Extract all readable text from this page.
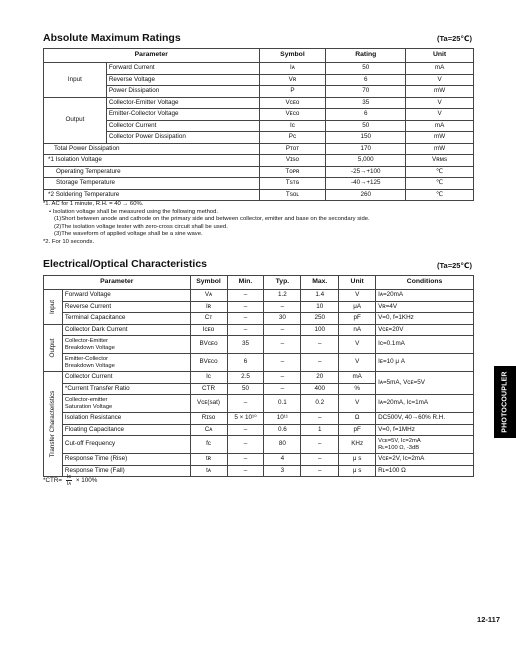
Absolute Maximum Ratings	(Ta=25℃)
Parameter		Symbol	Rating	Unit
Input	Forward Current	Iᴀ	50	mA
	Reverse Voltage	Vʀ	6	V
	Power Dissipation	P	70	mW
Output	Collector-Emitter Voltage	Vᴄᴇᴏ	35	V
	Emitter-Collector Voltage	Vᴇᴄᴏ	6	V
	Collector Current	Iᴄ	50	mA
	Collector Power Dissipation	Pᴄ	150	mW
Total Power Dissipation		Pᴛᴏᴛ	170	mW
*1 Isolation Voltage		Vɪѕᴏ	5,000	Vʀᴍѕ
Operating Temperature		Tᴏᴘʀ	-25→+100	℃
Storage Temperature		Tѕᴛɢ	-40→+125	℃
*2 Soldering Temperature		Tѕᴏʟ	260	℃
*1. AC for 1 minute, R.H. = 40 → 60%.
• Isolation voltage shall be measured using the following method.
(1)Short between anode and cathode on the primary side and between collector, emitter and base on the secondary side.
(2)The isolation voltage tester with zero-cross circuit shall be used.
(3)The waveform of applied voltage shall be a sine wave.
*2. For 10 seconds.
Electrical/Optical Characteristics	(Ta=25℃)
Parameter		Symbol	Min.	Typ.	Max.	Unit	Conditions

Input	Forward Voltage	Vᴀ	–	1.2	1.4	V	Iᴀ=20mA
	Reverse Current	Iʀ	–	–	10	μA	Vʀ=4V
	Terminal Capacitance	Cᴛ	–	30	250	pF	V=0, f=1KHz

Output	Collector Dark Current	Iᴄᴇᴏ	–	–	100	nA	Vᴄᴇ=20V

	Collector-Emitter
Breakdown Voltage	BVᴄᴇᴏ	35	–	–	V	Iᴄ=0.1mA

	Emitter-Collector
Breakdown Voltage	BVᴇᴄᴏ	6	–	–	V	Iᴇ=10 μ A

Transfer Characteristics	Collector Current	Iᴄ	2.5	–	20	mA	Iᴀ=5mA, Vᴄᴇ=5V
	*Current Transfer Ratio	CTR	50	–	400	%	

	Collector-emitter
Saturation Voltage	Vᴄᴇ(sat)	–	0.1	0.2	V	Iᴀ=20mA, Iᴄ=1mA
	Isolation Resistance	Rɪѕᴏ	5 × 10¹⁰	10¹¹	–	Ω	DC500V, 40→60% R.H.
	Floating Capacitance	Cᴀ	–	0.6	1	pF	V=0, f=1MHz
	Cut-off Frequency	fᴄ	–	80	–	KHz	Vᴄᴇ=5V, Iᴄ=2mA
Rʟ=100 Ω, -3dB

	Response Time (Rise)	tʀ	–	4	–	μ s	Vᴄᴇ=2V, Iᴄ=2mA
	Response Time (Fall)	tᴀ	–	3	–	μ s	Rʟ=100 Ω
$*CTR= \frac{\text{Iᴄ}}{\text{Iᴀ}} \times 100\%$
PHOTOCOUPLER
12-117
